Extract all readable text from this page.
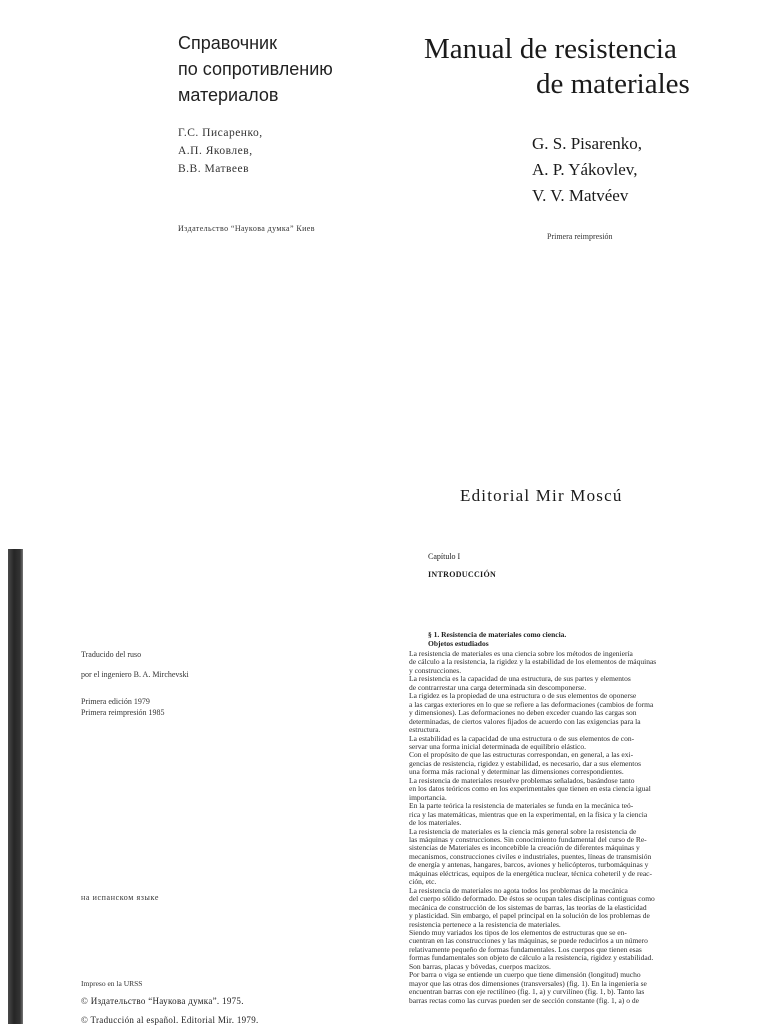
Справочник
по сопротивлению
материалов
Г.С. Писаренко,
А.П. Яковлев,
В.В. Матвеев
Издательство “Наукова думка” Киев
Manual de resistencia
de materiales
G. S. Pisarenko,
A. P. Yákovlev,
V. V. Matvéev
Primera reimpresión
Editorial Mir Moscú
Traducido del ruso
por el ingeniero B. A. Mirchevski
Primera edición 1979
Primera reimpresión 1985
на испанском языке
Impreso en la URSS
© Издательство “Наукова думка”. 1975.
© Traducción al español. Editorial Mir. 1979.
Capítulo I
INTRODUCCIÓN
§ 1. Resistencia de materiales como ciencia.
Objetos estudiados
La resistencia de materiales es una ciencia sobre los métodos de ingeniería
de cálculo a la resistencia, la rigidez y la estabilidad de los elementos de máquinas
y construcciones.
La resistencia es la capacidad de una estructura, de sus partes y elementos
de contrarrestar una carga determinada sin descomponerse.
La rigidez es la propiedad de una estructura o de sus elementos de oponerse
a las cargas exteriores en lo que se refiere a las deformaciones (cambios de forma
y dimensiones). Las deformaciones no deben exceder cuando las cargas son
determinadas, de ciertos valores fijados de acuerdo con las exigencias para la
estructura.
La estabilidad es la capacidad de una estructura o de sus elementos de con-
servar una forma inicial determinada de equilibrio elástico.
Con el propósito de que las estructuras correspondan, en general, a las exi-
gencias de resistencia, rigidez y estabilidad, es necesario, dar a sus elementos
una forma más racional y determinar las dimensiones correspondientes.
La resistencia de materiales resuelve problemas señalados, basándose tanto
en los datos teóricos como en los experimentales que tienen en esta ciencia igual
importancia.
En la parte teórica la resistencia de materiales se funda en la mecánica teó-
rica y las matemáticas, mientras que en la experimental, en la física y la ciencia
de los materiales.
La resistencia de materiales es la ciencia más general sobre la resistencia de
las máquinas y construcciones. Sin conocimiento fundamental del curso de Re-
sistencias de Materiales es inconcebible la creación de diferentes máquinas y
mecanismos, construcciones civiles e industriales, puentes, líneas de transmisión
de energía y antenas, hangares, barcos, aviones y helicópteros, turbomáquinas y
máquinas eléctricas, equipos de la energética nuclear, técnica coheteril y de reac-
ción, etc.
La resistencia de materiales no agota todos los problemas de la mecánica
del cuerpo sólido deformado. De éstos se ocupan tales disciplinas contiguas como
mecánica de construcción de los sistemas de barras, las teorías de la elasticidad
y plasticidad. Sin embargo, el papel principal en la solución de los problemas de
resistencia pertenece a la resistencia de materiales.
Siendo muy variados los tipos de los elementos de estructuras que se en-
cuentran en las construcciones y las máquinas, se puede reducirlos a un número
relativamente pequeño de formas fundamentales. Los cuerpos que tienen esas
formas fundamentales son objeto de cálculo a la resistencia, rigidez y estabilidad.
Son barras, placas y bóvedas, cuerpos macizos.
Por barra o viga se entiende un cuerpo que tiene dimensión (longitud) mucho
mayor que las otras dos dimensiones (transversales) (fig. 1). En la ingeniería se
encuentran barras con eje rectilíneo (fig. 1, a) y curvilíneo (fig. 1, b). Tanto las
barras rectas como las curvas pueden ser de sección constante (fig. 1, a) o de
